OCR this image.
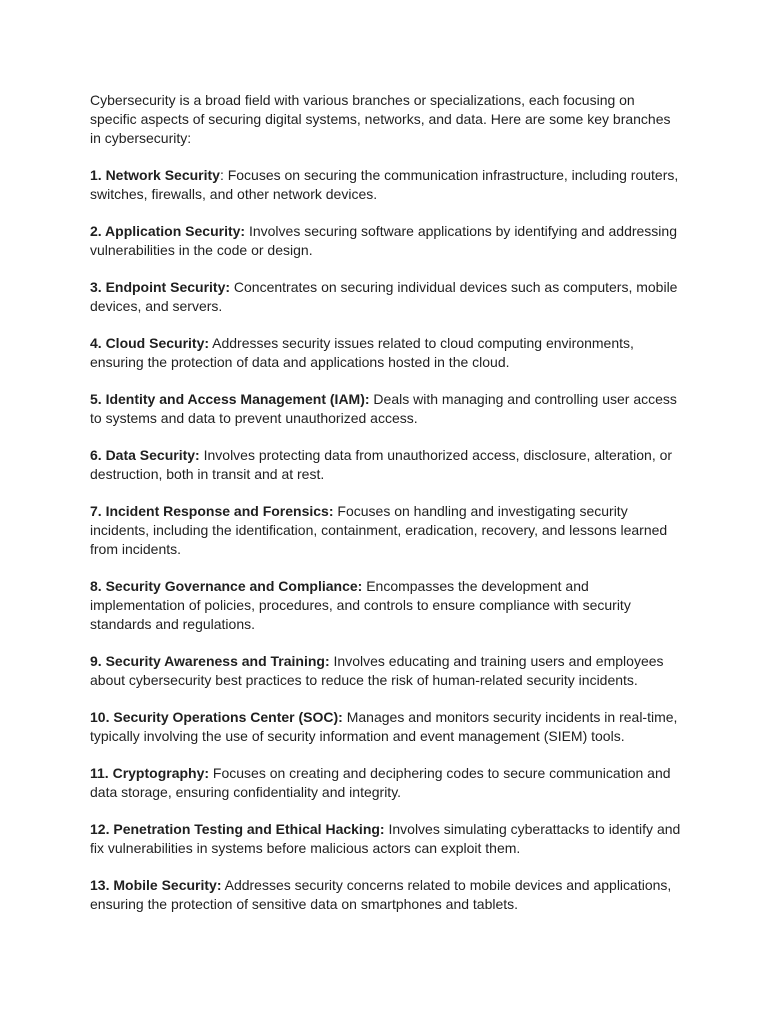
Cybersecurity is a broad field with various branches or specializations, each focusing on specific aspects of securing digital systems, networks, and data. Here are some key branches in cybersecurity:

1. Network Security: Focuses on securing the communication infrastructure, including routers, switches, firewalls, and other network devices.

2. Application Security: Involves securing software applications by identifying and addressing vulnerabilities in the code or design.

3. Endpoint Security: Concentrates on securing individual devices such as computers, mobile devices, and servers.

4. Cloud Security: Addresses security issues related to cloud computing environments, ensuring the protection of data and applications hosted in the cloud.

5. Identity and Access Management (IAM): Deals with managing and controlling user access to systems and data to prevent unauthorized access.

6. Data Security: Involves protecting data from unauthorized access, disclosure, alteration, or destruction, both in transit and at rest.

7. Incident Response and Forensics: Focuses on handling and investigating security incidents, including the identification, containment, eradication, recovery, and lessons learned from incidents.

8. Security Governance and Compliance: Encompasses the development and implementation of policies, procedures, and controls to ensure compliance with security standards and regulations.

9. Security Awareness and Training: Involves educating and training users and employees about cybersecurity best practices to reduce the risk of human-related security incidents.

10. Security Operations Center (SOC): Manages and monitors security incidents in real-time, typically involving the use of security information and event management (SIEM) tools.

11. Cryptography: Focuses on creating and deciphering codes to secure communication and data storage, ensuring confidentiality and integrity.

12. Penetration Testing and Ethical Hacking: Involves simulating cyberattacks to identify and fix vulnerabilities in systems before malicious actors can exploit them.

13. Mobile Security: Addresses security concerns related to mobile devices and applications, ensuring the protection of sensitive data on smartphones and tablets.
